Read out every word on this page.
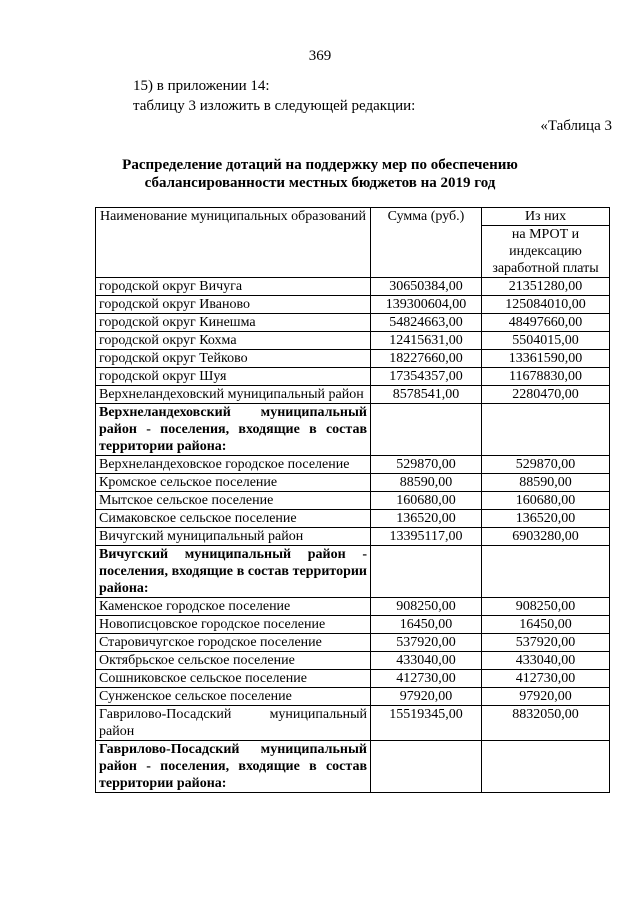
369
15) в приложении 14:
таблицу 3 изложить в следующей редакции:
«Таблица 3
Распределение дотаций на поддержку мер по обеспечению
сбалансированности местных бюджетов на 2019 год
Наименование муниципальных образований	Сумма (руб.)	Из них
		на МРОТ и индексацию заработной платы
городской округ Вичуга	30650384,00	21351280,00
городской округ Иваново	139300604,00	125084010,00
городской округ Кинешма	54824663,00	48497660,00
городской округ Кохма	12415631,00	5504015,00
городской округ Тейково	18227660,00	13361590,00
городской округ Шуя	17354357,00	11678830,00
Верхнеландеховский муниципальный район	8578541,00	2280470,00
Верхнеландеховский муниципальный район - поселения, входящие в состав территории района:		
Верхнеландеховское городское поселение	529870,00	529870,00
Кромское сельское поселение	88590,00	88590,00
Мытское сельское поселение	160680,00	160680,00
Симаковское сельское поселение	136520,00	136520,00
Вичугский муниципальный район	13395117,00	6903280,00
Вичугский муниципальный район - поселения, входящие в состав территории района:		
Каменское городское поселение	908250,00	908250,00
Новописцовское городское поселение	16450,00	16450,00
Старовичугское городское поселение	537920,00	537920,00
Октябрьское сельское поселение	433040,00	433040,00
Сошниковское сельское поселение	412730,00	412730,00
Сунженское сельское поселение	97920,00	97920,00
Гаврилово-Посадский муниципальный район	15519345,00	8832050,00
Гаврилово-Посадский муниципальный район - поселения, входящие в состав территории района:		
